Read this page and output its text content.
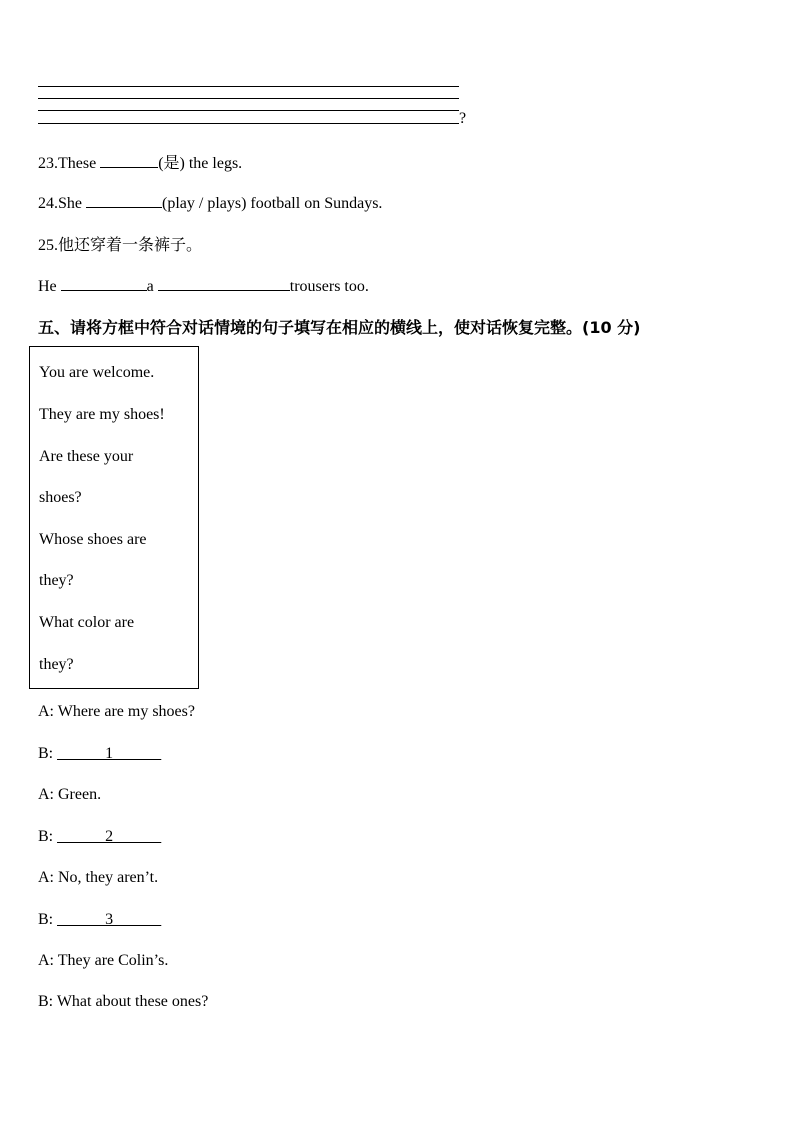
?
23.These	(是) the legs.
24.She	(play / plays) football on Sundays.
25.他还穿着一条裤子。
He	a	trousers too.
五、请将方框中符合对话情境的句子填写在相应的横线上，使对话恢复完整。(10 分)
You are welcome.
They are my shoes!
Are these your
shoes?
Whose shoes are
they?
What color are
they?
A: Where are my shoes?
B: ______1______
A: Green.
B: ______2______
A: No, they aren’t.
B: ______3______
A: They are Colin’s.
B: What about these ones?
